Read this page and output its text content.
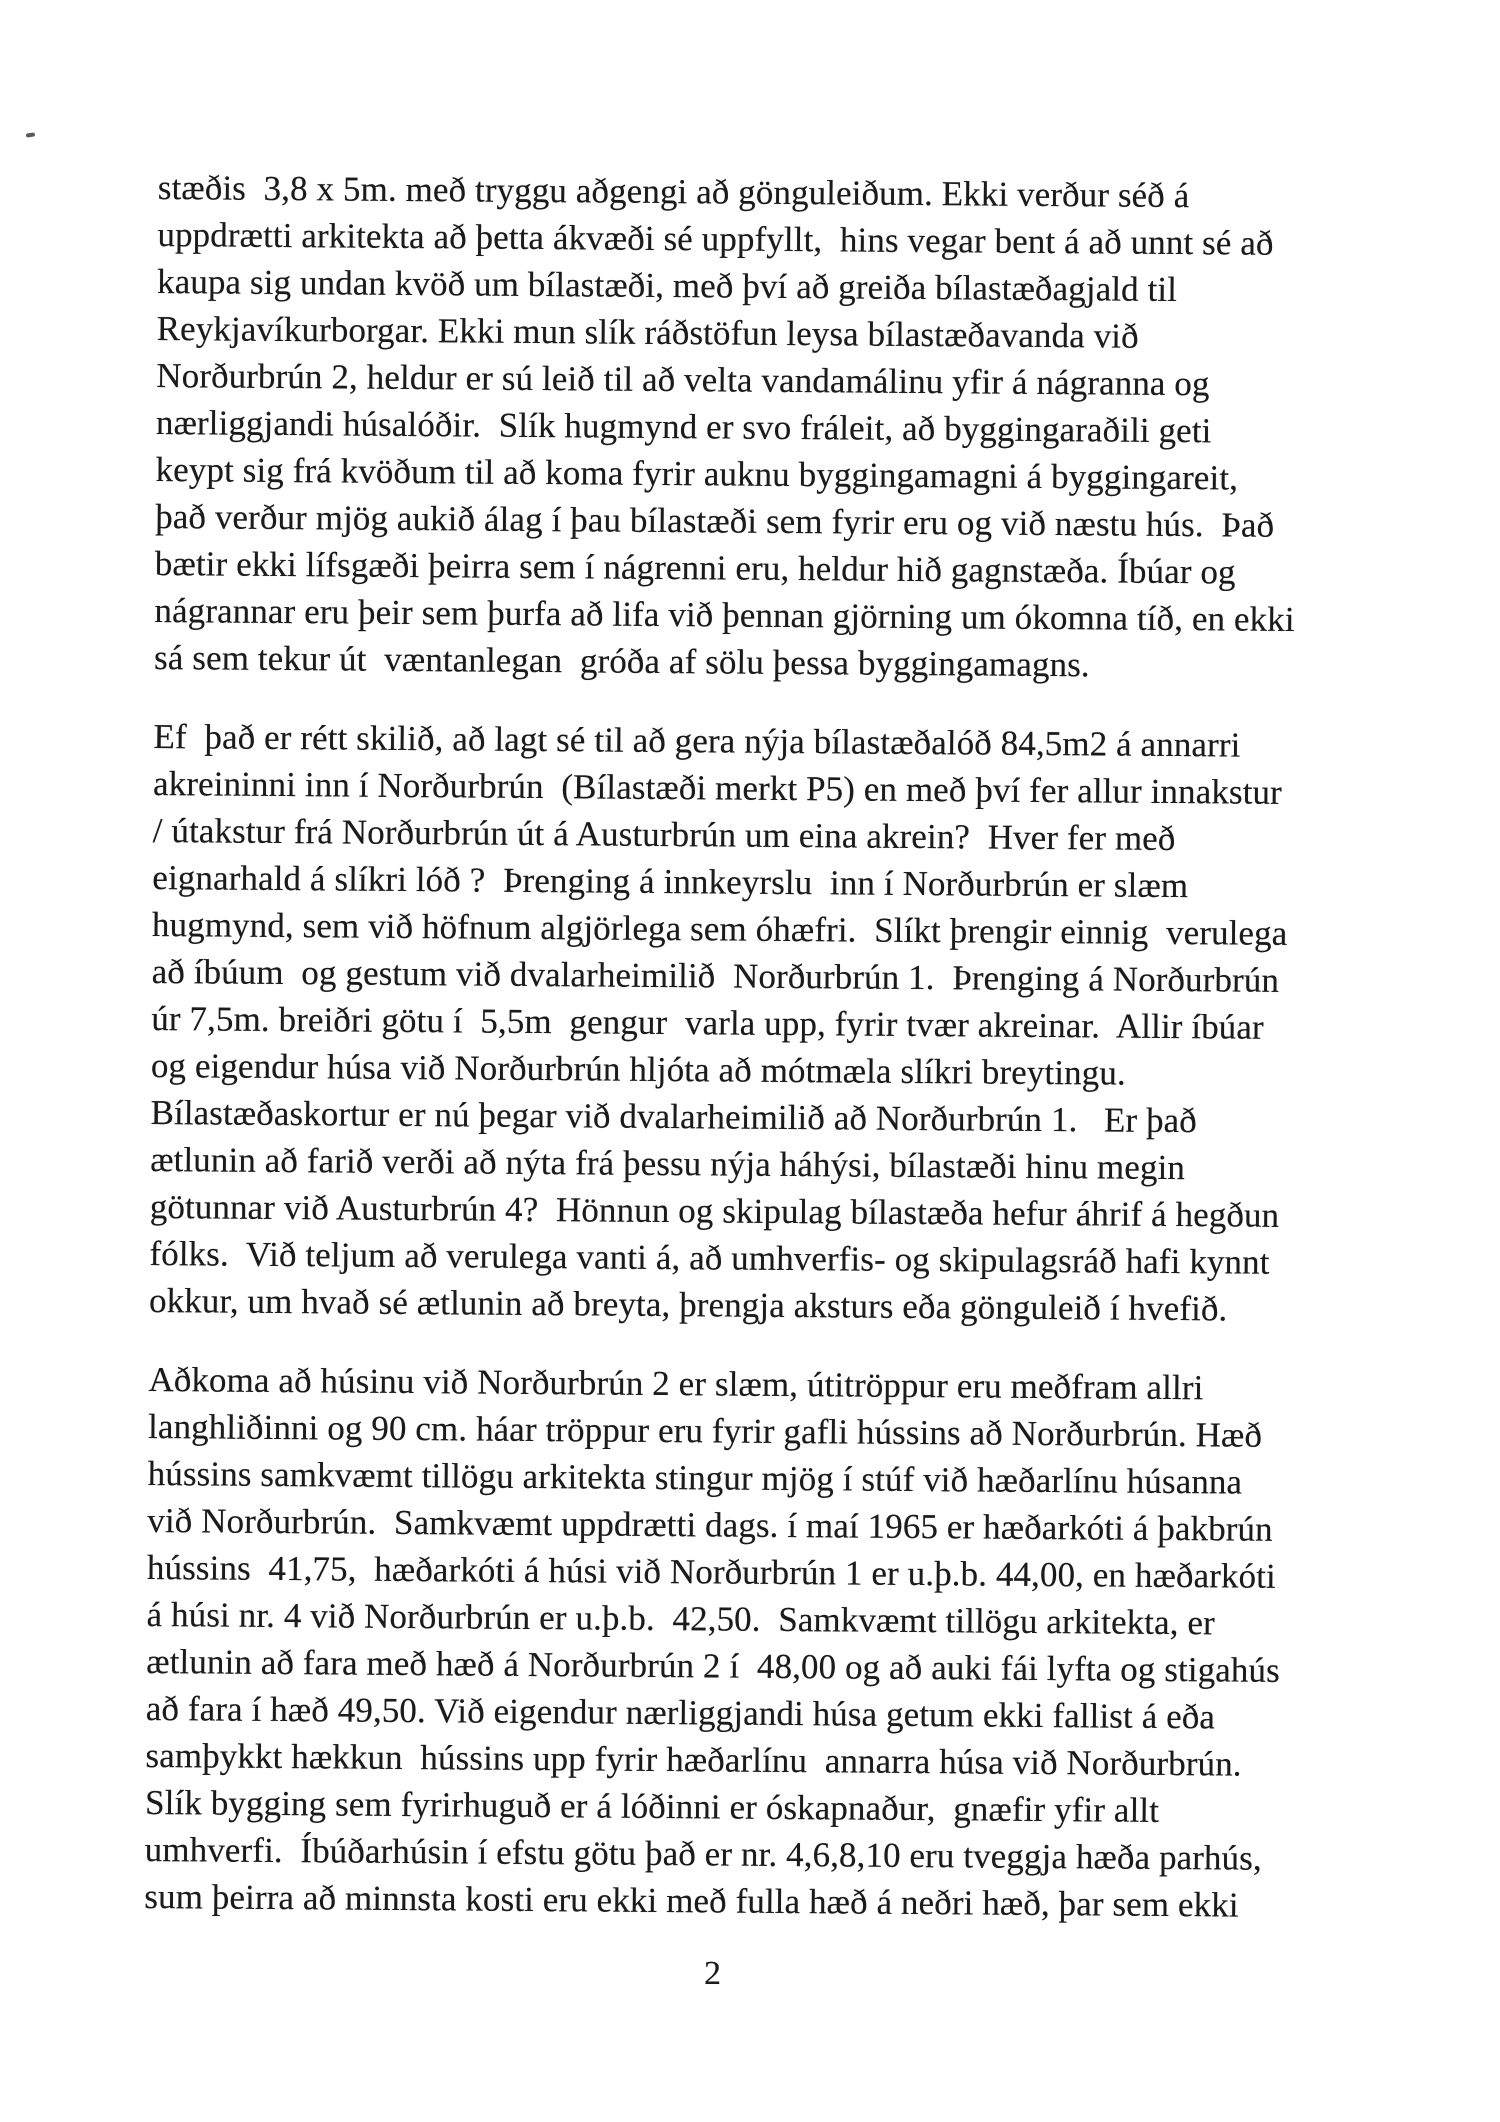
stæðis  3,8 x 5m. með tryggu aðgengi að gönguleiðum. Ekki verður séð á
uppdrætti arkitekta að þetta ákvæði sé uppfyllt,  hins vegar bent á að unnt sé að
kaupa sig undan kvöð um bílastæði, með því að greiða bílastæðagjald til
Reykjavíkurborgar. Ekki mun slík ráðstöfun leysa bílastæðavanda við
Norðurbrún 2, heldur er sú leið til að velta vandamálinu yfir á nágranna og
nærliggjandi húsalóðir.  Slík hugmynd er svo fráleit, að byggingaraðili geti
keypt sig frá kvöðum til að koma fyrir auknu byggingamagni á byggingareit,
það verður mjög aukið álag í þau bílastæði sem fyrir eru og við næstu hús.  Það
bætir ekki lífsgæði þeirra sem í nágrenni eru, heldur hið gagnstæða. Íbúar og
nágrannar eru þeir sem þurfa að lifa við þennan gjörning um ókomna tíð, en ekki
sá sem tekur út  væntanlegan  gróða af sölu þessa byggingamagns.
Ef  það er rétt skilið, að lagt sé til að gera nýja bílastæðalóð 84,5m2 á annarri
akreininni inn í Norðurbrún  (Bílastæði merkt P5) en með því fer allur innakstur
/ útakstur frá Norðurbrún út á Austurbrún um eina akrein?  Hver fer með
eignarhald á slíkri lóð ?  Þrenging á innkeyrslu  inn í Norðurbrún er slæm
hugmynd, sem við höfnum algjörlega sem óhæfri.  Slíkt þrengir einnig  verulega
að íbúum  og gestum við dvalarheimilið  Norðurbrún 1.  Þrenging á Norðurbrún
úr 7,5m. breiðri götu í  5,5m  gengur  varla upp, fyrir tvær akreinar.  Allir íbúar
og eigendur húsa við Norðurbrún hljóta að mótmæla slíkri breytingu.
Bílastæðaskortur er nú þegar við dvalarheimilið að Norðurbrún 1.   Er það
ætlunin að farið verði að nýta frá þessu nýja háhýsi, bílastæði hinu megin
götunnar við Austurbrún 4?  Hönnun og skipulag bílastæða hefur áhrif á hegðun
fólks.  Við teljum að verulega vanti á, að umhverfis- og skipulagsráð hafi kynnt
okkur, um hvað sé ætlunin að breyta, þrengja aksturs eða gönguleið í hvefið.
Aðkoma að húsinu við Norðurbrún 2 er slæm, útitröppur eru meðfram allri
langhliðinni og 90 cm. háar tröppur eru fyrir gafli hússins að Norðurbrún. Hæð
hússins samkvæmt tillögu arkitekta stingur mjög í stúf við hæðarlínu húsanna
við Norðurbrún.  Samkvæmt uppdrætti dags. í maí 1965 er hæðarkóti á þakbrún
hússins  41,75,  hæðarkóti á húsi við Norðurbrún 1 er u.þ.b. 44,00, en hæðarkóti
á húsi nr. 4 við Norðurbrún er u.þ.b.  42,50.  Samkvæmt tillögu arkitekta, er
ætlunin að fara með hæð á Norðurbrún 2 í  48,00 og að auki fái lyfta og stigahús
að fara í hæð 49,50. Við eigendur nærliggjandi húsa getum ekki fallist á eða
samþykkt hækkun  hússins upp fyrir hæðarlínu  annarra húsa við Norðurbrún.
Slík bygging sem fyrirhuguð er á lóðinni er óskapnaður,  gnæfir yfir allt
umhverfi.  Íbúðarhúsin í efstu götu það er nr. 4,6,8,10 eru tveggja hæða parhús,
sum þeirra að minnsta kosti eru ekki með fulla hæð á neðri hæð, þar sem ekki
2
